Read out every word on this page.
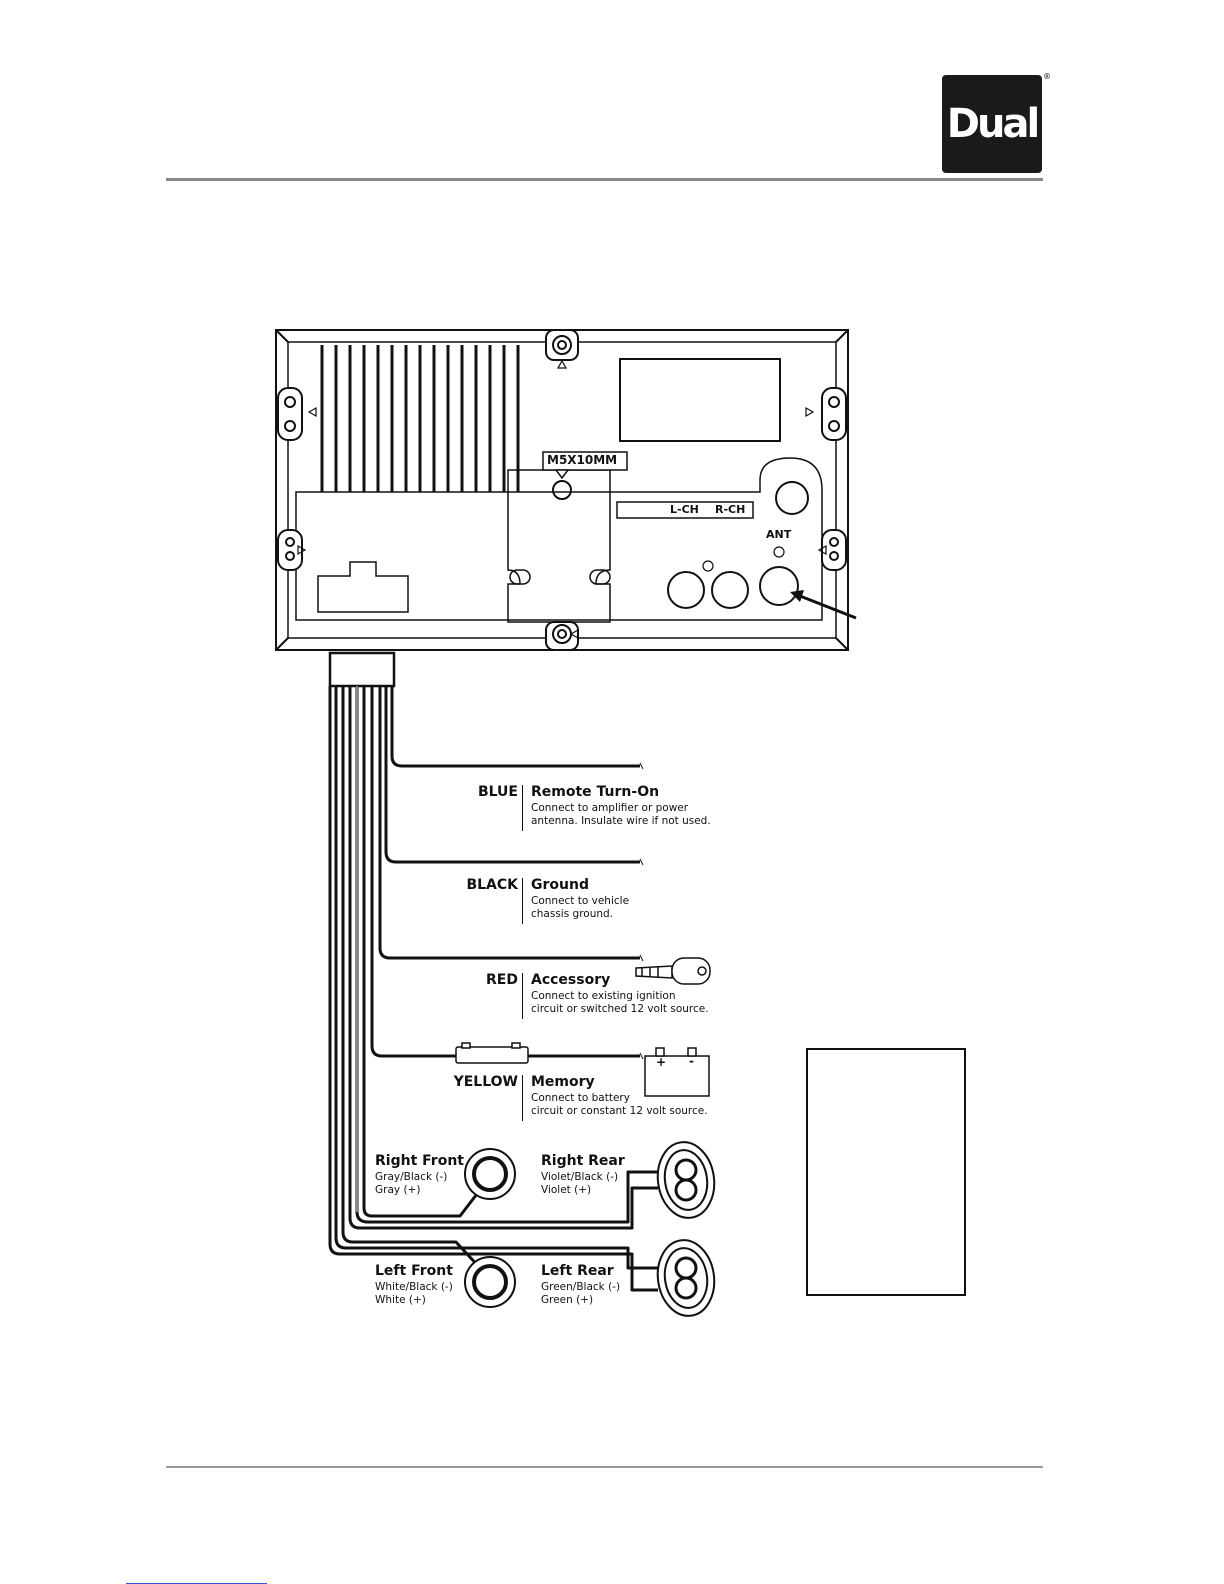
Dual
®
M5X10MM
L-CH R-CH
ANT
+ -
BLUE Remote Turn-On
Connect to amplifier or power
antenna. Insulate wire if not used.
BLACK Ground
Connect to vehicle
chassis ground.
RED Accessory
Connect to existing ignition
circuit or switched 12 volt source.
YELLOW Memory
Connect to battery
circuit or constant 12 volt source.
Right Front
Gray/Black (-)
Gray (+)
Right Rear
Violet/Black (-)
Violet (+)
Left Front
White/Black (-)
White (+)
Left Rear
Green/Black (-)
Green (+)
